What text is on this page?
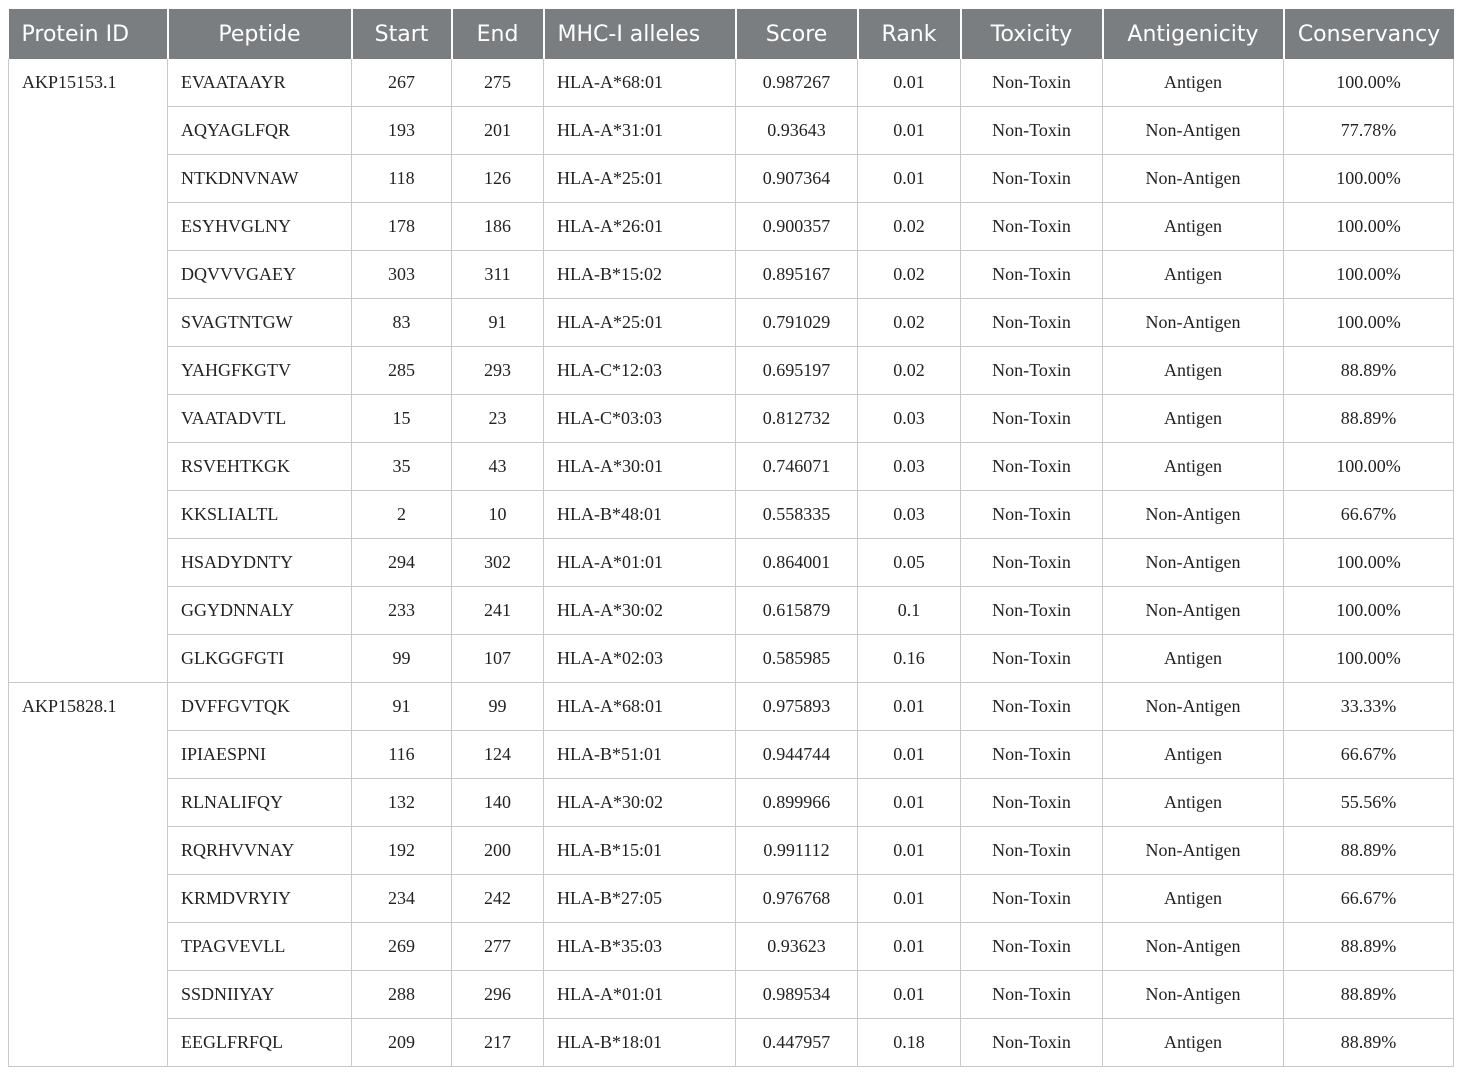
Protein ID	Peptide	Start	End	MHC-I alleles	Score	Rank	Toxicity	Antigenicity	Conservancy
AKP15153.1	EVAATAAYR	267	275	HLA-A*68:01	0.987267	0.01	Non-Toxin	Antigen	100.00%
	AQYAGLFQR	193	201	HLA-A*31:01	0.93643	0.01	Non-Toxin	Non-Antigen	77.78%
	NTKDNVNAW	118	126	HLA-A*25:01	0.907364	0.01	Non-Toxin	Non-Antigen	100.00%
	ESYHVGLNY	178	186	HLA-A*26:01	0.900357	0.02	Non-Toxin	Antigen	100.00%
	DQVVVGAEY	303	311	HLA-B*15:02	0.895167	0.02	Non-Toxin	Antigen	100.00%
	SVAGTNTGW	83	91	HLA-A*25:01	0.791029	0.02	Non-Toxin	Non-Antigen	100.00%
	YAHGFKGTV	285	293	HLA-C*12:03	0.695197	0.02	Non-Toxin	Antigen	88.89%
	VAATADVTL	15	23	HLA-C*03:03	0.812732	0.03	Non-Toxin	Antigen	88.89%
	RSVEHTKGK	35	43	HLA-A*30:01	0.746071	0.03	Non-Toxin	Antigen	100.00%
	KKSLIALTL	2	10	HLA-B*48:01	0.558335	0.03	Non-Toxin	Non-Antigen	66.67%
	HSADYDNTY	294	302	HLA-A*01:01	0.864001	0.05	Non-Toxin	Non-Antigen	100.00%
	GGYDNNALY	233	241	HLA-A*30:02	0.615879	0.1	Non-Toxin	Non-Antigen	100.00%
	GLKGGFGTI	99	107	HLA-A*02:03	0.585985	0.16	Non-Toxin	Antigen	100.00%
AKP15828.1	DVFFGVTQK	91	99	HLA-A*68:01	0.975893	0.01	Non-Toxin	Non-Antigen	33.33%
	IPIAESPNI	116	124	HLA-B*51:01	0.944744	0.01	Non-Toxin	Antigen	66.67%
	RLNALIFQY	132	140	HLA-A*30:02	0.899966	0.01	Non-Toxin	Antigen	55.56%
	RQRHVVNAY	192	200	HLA-B*15:01	0.991112	0.01	Non-Toxin	Non-Antigen	88.89%
	KRMDVRYIY	234	242	HLA-B*27:05	0.976768	0.01	Non-Toxin	Antigen	66.67%
	TPAGVEVLL	269	277	HLA-B*35:03	0.93623	0.01	Non-Toxin	Non-Antigen	88.89%
	SSDNIIYAY	288	296	HLA-A*01:01	0.989534	0.01	Non-Toxin	Non-Antigen	88.89%
	EEGLFRFQL	209	217	HLA-B*18:01	0.447957	0.18	Non-Toxin	Antigen	88.89%
